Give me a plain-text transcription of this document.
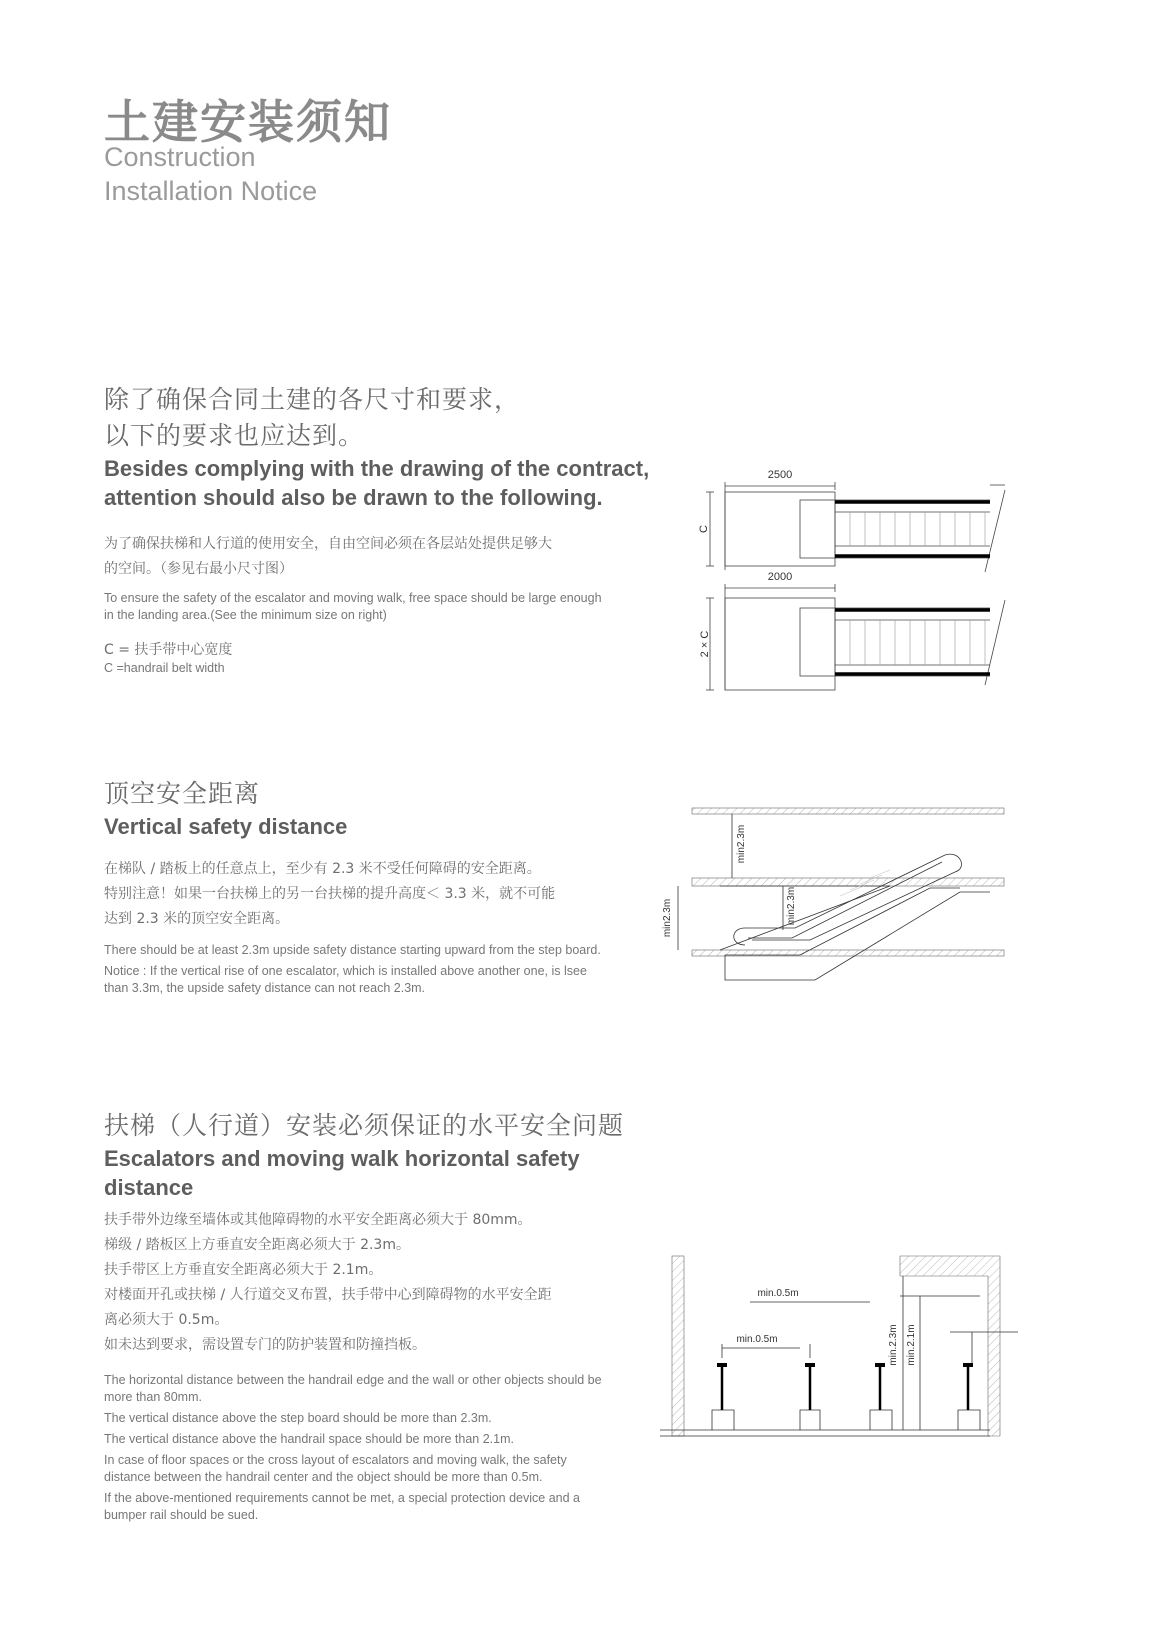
土建安装须知
Construction
Installation Notice
除了确保合同土建的各尺寸和要求，
以下的要求也应达到。
Besides complying with the drawing of the contract,
attention should also be drawn to the following.
为了确保扶梯和人行道的使用安全，自由空间必须在各层站处提供足够大
的空间。（参见右最小尺寸图）
To ensure the safety of the escalator and moving walk, free space should be large enough
in the landing area.(See the minimum size on right)
C = 扶手带中心宽度
C =handrail belt width
2500
C
2000
2 × C
顶空安全距离
Vertical safety distance
在梯队 / 踏板上的任意点上，至少有 2.3 米不受任何障碍的安全距离。
特别注意！如果一台扶梯上的另一台扶梯的提升高度＜ 3.3 米，就不可能
达到 2.3 米的顶空安全距离。
There should be at least 2.3m upside safety distance starting upward from the step board.
Notice : If the vertical rise of one escalator, which is installed above another one, is lsee
than 3.3m, the upside safety distance can not reach 2.3m.
min2.3m
min2.3m	min2.3m
扶梯（人行道）安装必须保证的水平安全问题
Escalators and moving walk horizontal safety
distance
扶手带外边缘至墙体或其他障碍物的水平安全距离必须大于 80mm。
梯级 / 踏板区上方垂直安全距离必须大于 2.3m。
扶手带区上方垂直安全距离必须大于 2.1m。
对楼面开孔或扶梯 / 人行道交叉布置，扶手带中心到障碍物的水平安全距
离必须大于 0.5m。
如未达到要求，需设置专门的防护装置和防撞挡板。
The horizontal distance between the handrail edge and the wall or other objects should be
more than 80mm.
The vertical distance above the step board should be more than 2.3m.
The vertical distance above the handrail space should be more than 2.1m.
In case of floor spaces or the cross layout of escalators and moving walk, the safety
distance between the handrail center and the object should be more than 0.5m.
If the above-mentioned requirements cannot be met, a special protection device and a
bumper rail should be sued.
min.0.5m
min.0.5m	min.2.3m min.2.1m
